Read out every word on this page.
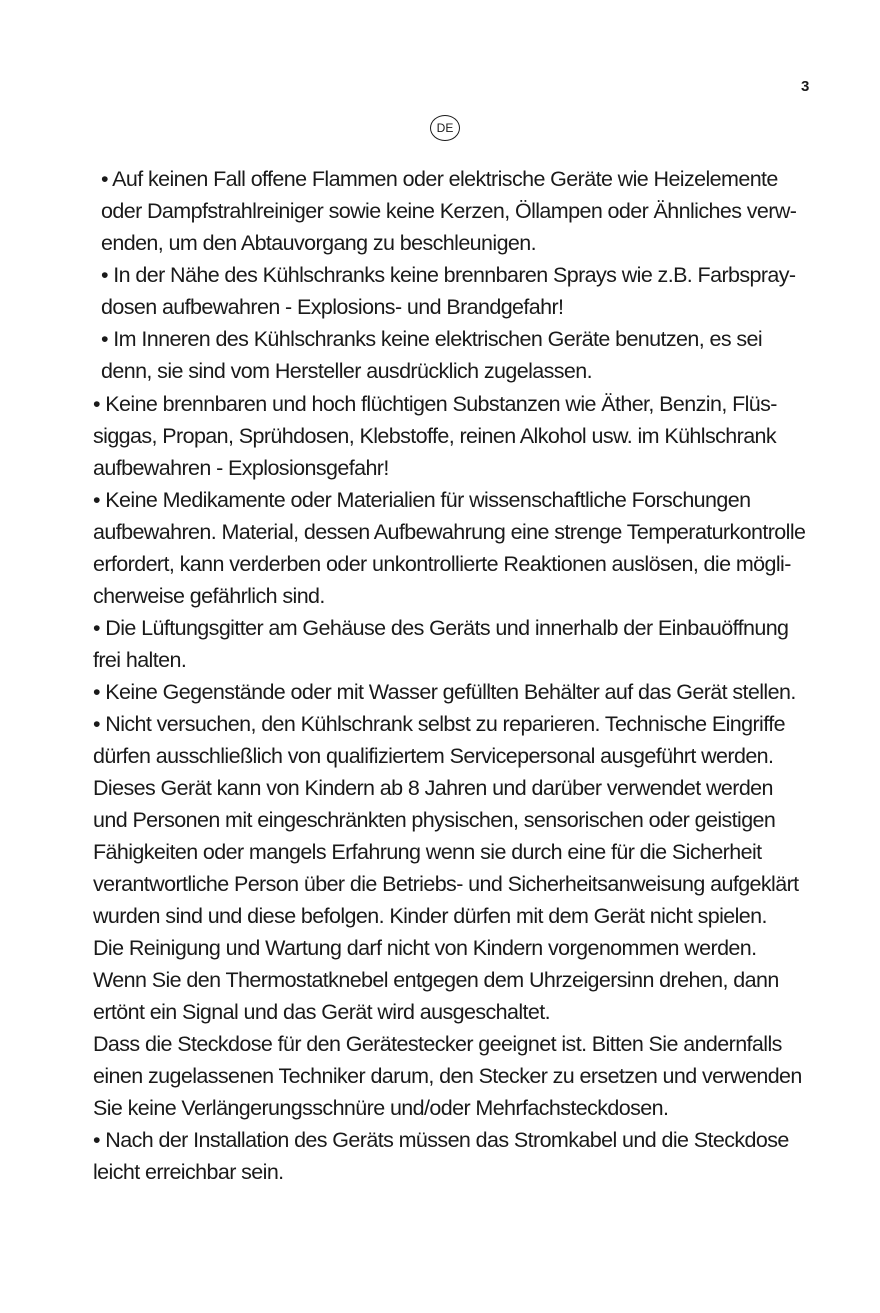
3
DE
• Auf keinen Fall offene Flammen oder elektrische Geräte wie Heizelemente
oder Dampfstrahlreiniger sowie keine Kerzen, Öllampen oder Ähnliches verw-
enden, um den Abtauvorgang zu beschleunigen.
• In der Nähe des Kühlschranks keine brennbaren Sprays wie z.B. Farbspray-
dosen aufbewahren - Explosions- und Brandgefahr!
• Im Inneren des Kühlschranks keine elektrischen Geräte benutzen, es sei
denn, sie sind vom Hersteller ausdrücklich zugelassen.
• Keine brennbaren und hoch flüchtigen Substanzen wie Äther, Benzin, Flüs-
siggas, Propan, Sprühdosen, Klebstoffe, reinen Alkohol usw. im Kühlschrank
aufbewahren - Explosionsgefahr!
• Keine Medikamente oder Materialien für wissenschaftliche Forschungen
aufbewahren. Material, dessen Aufbewahrung eine strenge Temperaturkontrolle
erfordert, kann verderben oder unkontrollierte Reaktionen auslösen, die mögli-
cherweise gefährlich sind.
• Die Lüftungsgitter am Gehäuse des Geräts und innerhalb der Einbauöffnung
frei halten.
• Keine Gegenstände oder mit Wasser gefüllten Behälter auf das Gerät stellen.
• Nicht versuchen, den Kühlschrank selbst zu reparieren. Technische Eingriffe
dürfen ausschließlich von qualifiziertem Servicepersonal ausgeführt werden.
Dieses Gerät kann von Kindern ab 8 Jahren und darüber verwendet werden
und Personen mit eingeschränkten physischen, sensorischen oder geistigen
Fähigkeiten oder mangels Erfahrung wenn sie durch eine für die Sicherheit
verantwortliche Person über die Betriebs- und Sicherheitsanweisung aufgeklärt
wurden sind und diese befolgen. Kinder dürfen mit dem Gerät nicht spielen.
Die Reinigung und Wartung darf nicht von Kindern vorgenommen werden.
Wenn Sie den Thermostatknebel entgegen dem Uhrzeigersinn drehen, dann
ertönt ein Signal und das Gerät wird ausgeschaltet.
Dass die Steckdose für den Gerätestecker geeignet ist. Bitten Sie andernfalls
einen zugelassenen Techniker darum, den Stecker zu ersetzen und verwenden
Sie keine Verlängerungsschnüre und/oder Mehrfachsteckdosen.
• Nach der Installation des Geräts müssen das Stromkabel und die Steckdose
leicht erreichbar sein.
